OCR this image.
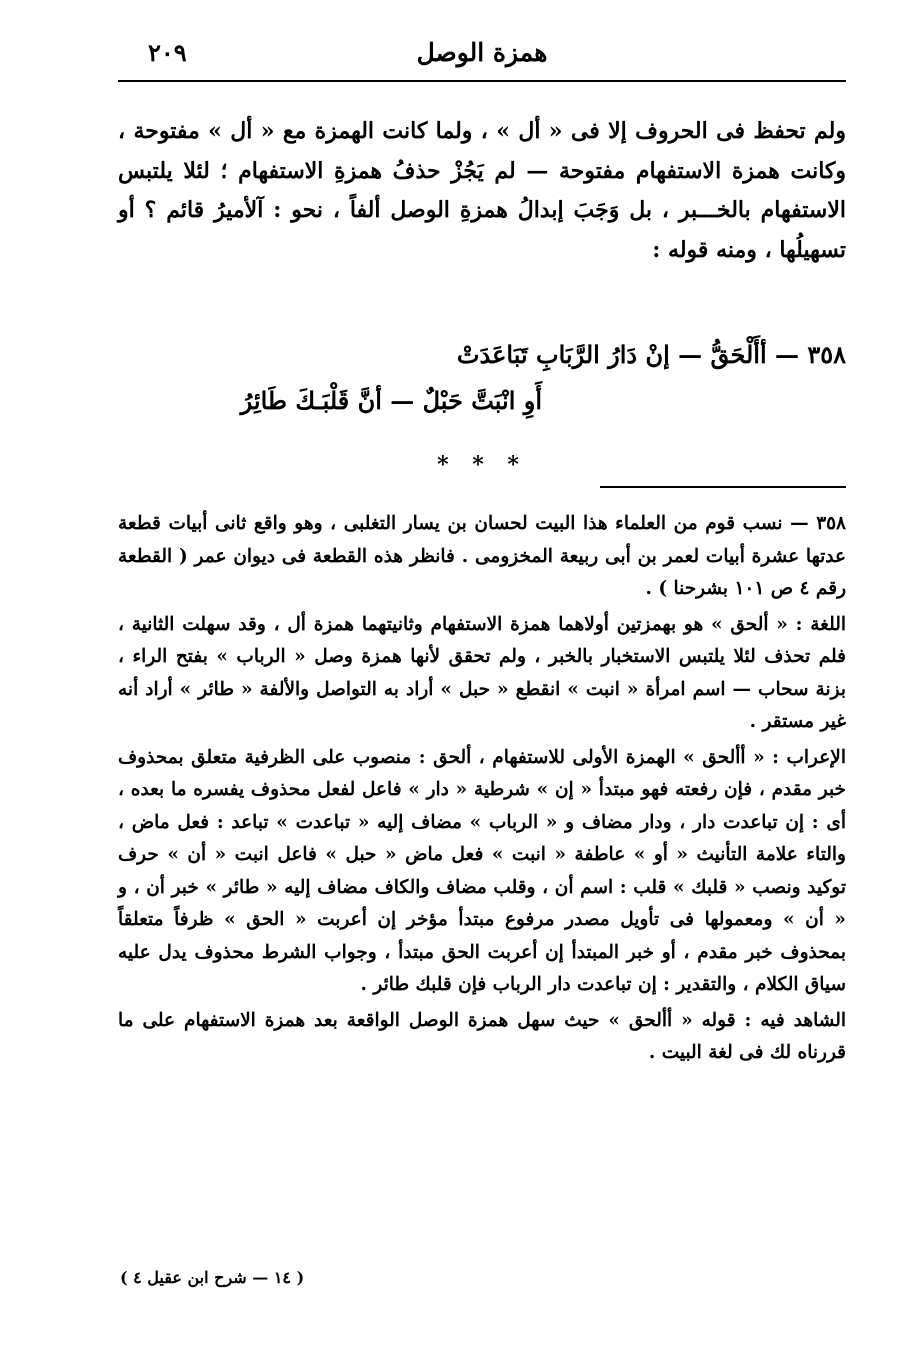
همزة الوصل
٢٠٩

ولم تحفظ فى الحروف إلا فى « أل » ، ولما كانت الهمزة مع « أل » مفتوحة ، وكانت همزة الاستفهام مفتوحة — لم يَجُزْ حذفُ همزةِ الاستفهام ؛ لئلا يلتبس الاستفهام بالخـــبر ، بل وَجَبَ إبدالُ همزةِ الوصل ألفاً ، نحو : آلأميرُ قائم ؟ أو تسهيلُها ، ومنه قوله :

٣٥٨ — أأَلْحَقُّ — إنْ دَارُ الرَّبَابِ تَبَاعَدَتْ
أَوِ انْبَتَّ حَبْلٌ — أنَّ قَلْبَـكَ طَائِرُ
* * *

٣٥٨ — نسب قوم من العلماء هذا البيت لحسان بن يسار التغلبى ، وهو واقع ثانى أبيات قطعة عدتها عشرة أبيات لعمر بن أبى ربيعة المخزومى . فانظر هذه القطعة فى ديوان عمر ( القطعة رقم ٤ ص ١٠١ بشرحنا ) .

اللغة : « ألحق » هو بهمزتين أولاهما همزة الاستفهام وثانيتهما همزة أل ، وقد سهلت الثانية ، فلم تحذف لئلا يلتبس الاستخبار بالخبر ، ولم تحقق لأنها همزة وصل « الرباب » بفتح الراء ، بزنة سحاب — اسم امرأة « انبت » انقطع « حبل » أراد به التواصل والألفة « طائر » أراد أنه غير مستقر .

الإعراب : « أألحق » الهمزة الأولى للاستفهام ، ألحق : منصوب على الظرفية متعلق بمحذوف خبر مقدم ، فإن رفعته فهو مبتدأ « إن » شرطية « دار » فاعل لفعل محذوف يفسره ما بعده ، أى : إن تباعدت دار ، ودار مضاف و « الرباب » مضاف إليه « تباعدت » تباعد : فعل ماض ، والتاء علامة التأنيث « أو » عاطفة « انبت » فعل ماض « حبل » فاعل انبت « أن » حرف توكيد ونصب « قلبك » قلب : اسم أن ، وقلب مضاف والكاف مضاف إليه « طائر » خبر أن ، و « أن » ومعمولها فى تأويل مصدر مرفوع مبتدأ مؤخر إن أعربت « الحق » ظرفاً متعلقاً بمحذوف خبر مقدم ، أو خبر المبتدأ إن أعربت الحق مبتدأ ، وجواب الشرط محذوف يدل عليه سياق الكلام ، والتقدير : إن تباعدت دار الرباب فإن قلبك طائر .

الشاهد فيه : قوله « أألحق » حيث سهل همزة الوصل الواقعة بعد همزة الاستفهام على ما قررناه لك فى لغة البيت .

( ١٤ — شرح ابن عقيل ٤ )
